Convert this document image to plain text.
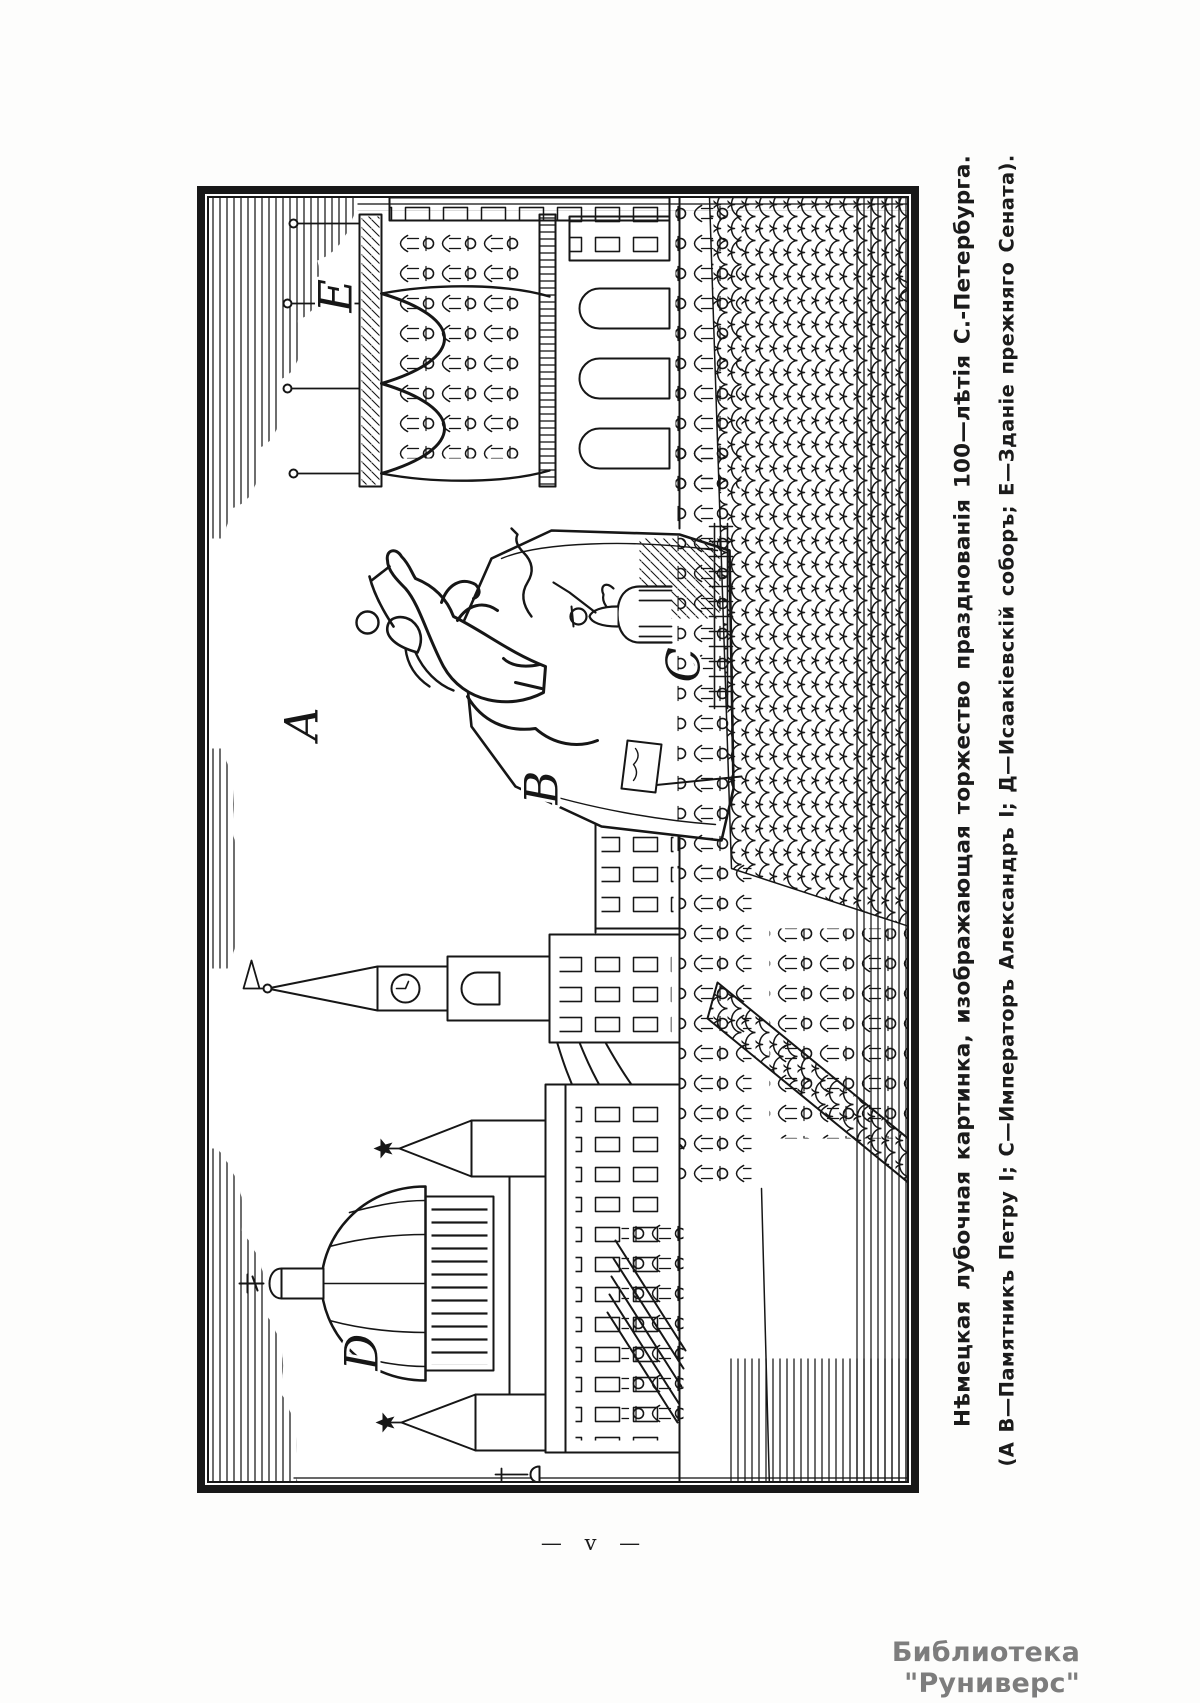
D
A
B
C
E	Нѣмецкая лубочная картинка, изображающая торжество празднованія 100—лѣтія С.-Петербурга. (А В—Памятникъ Петру I; С—Императоръ Александръ I; Д—Исаакіевскій соборъ; Е—Зданіе прежняго Сената).
— v —
Библиотека "Руниверс"
